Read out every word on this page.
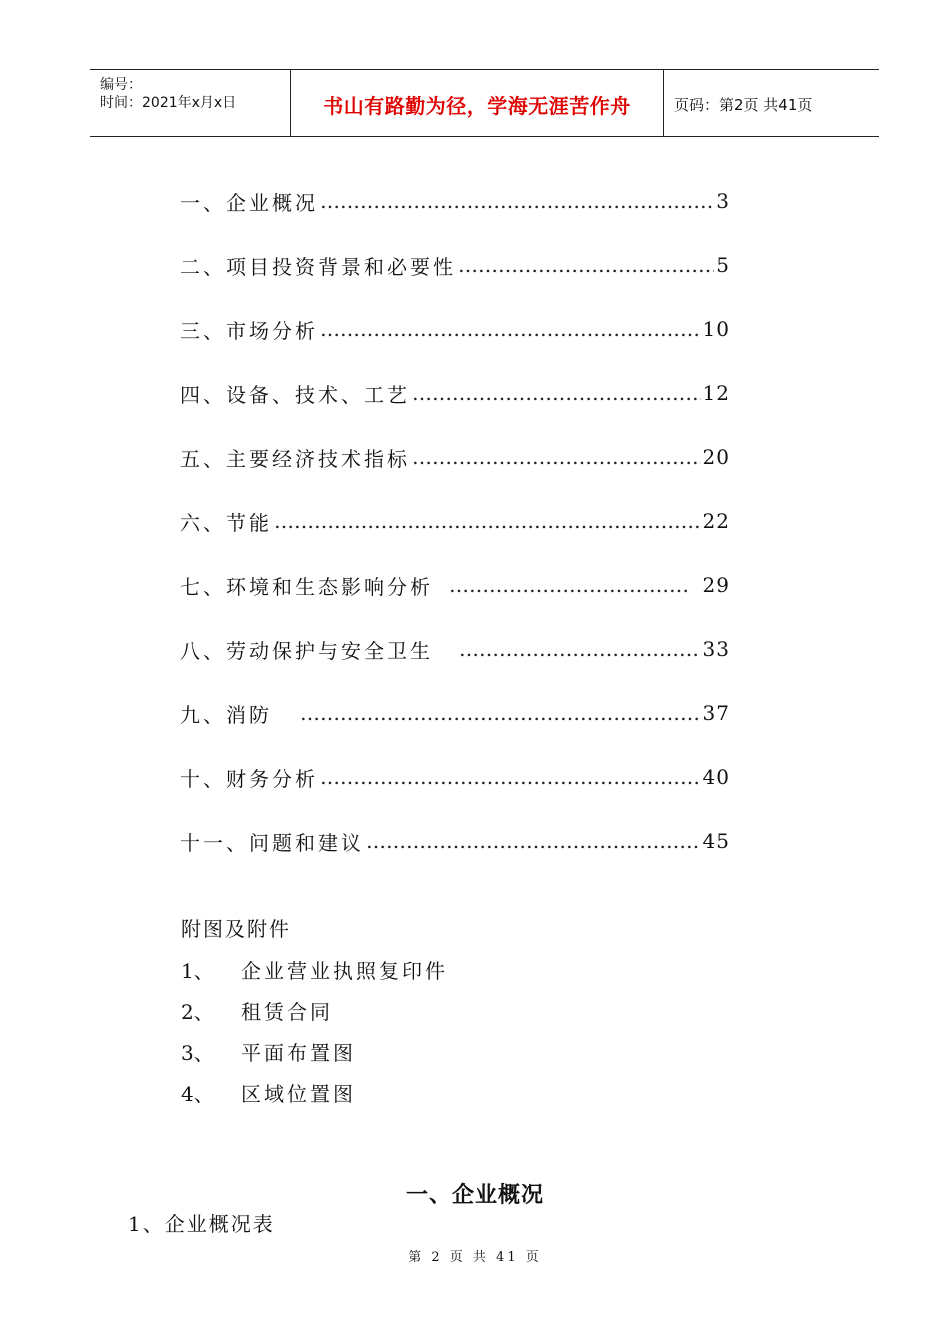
编号：
时间：2021年x月x日	书山有路勤为径，学海无涯苦作舟	页码：第2页 共41页
一、企业概况 …………………………………………………………………………………………………………	3
二、项目投资背景和必要性 …………………………………………………………………………………………………………	5
三、市场分析 …………………………………………………………………………………………………………	10
四、设备、技术、工艺 …………………………………………………………………………………………………………	12
五、主要经济技术指标 …………………………………………………………………………………………………………	20
六、节能 …………………………………………………………………………………………………………	22
七、环境和生态影响分析 …………………………………………………………………………………………………………	29
八、劳动保护与安全卫生 …………………………………………………………………………………………………………	33
九、消防 …………………………………………………………………………………………………………	37
十、财务分析 …………………………………………………………………………………………………………	40
十一、问题和建议 …………………………………………………………………………………………………………	45
附图及附件
1、 企业营业执照复印件
2、 租赁合同
3、 平面布置图
4、 区域位置图
一、企业概况
1、企业概况表
第 2 页 共 41 页
